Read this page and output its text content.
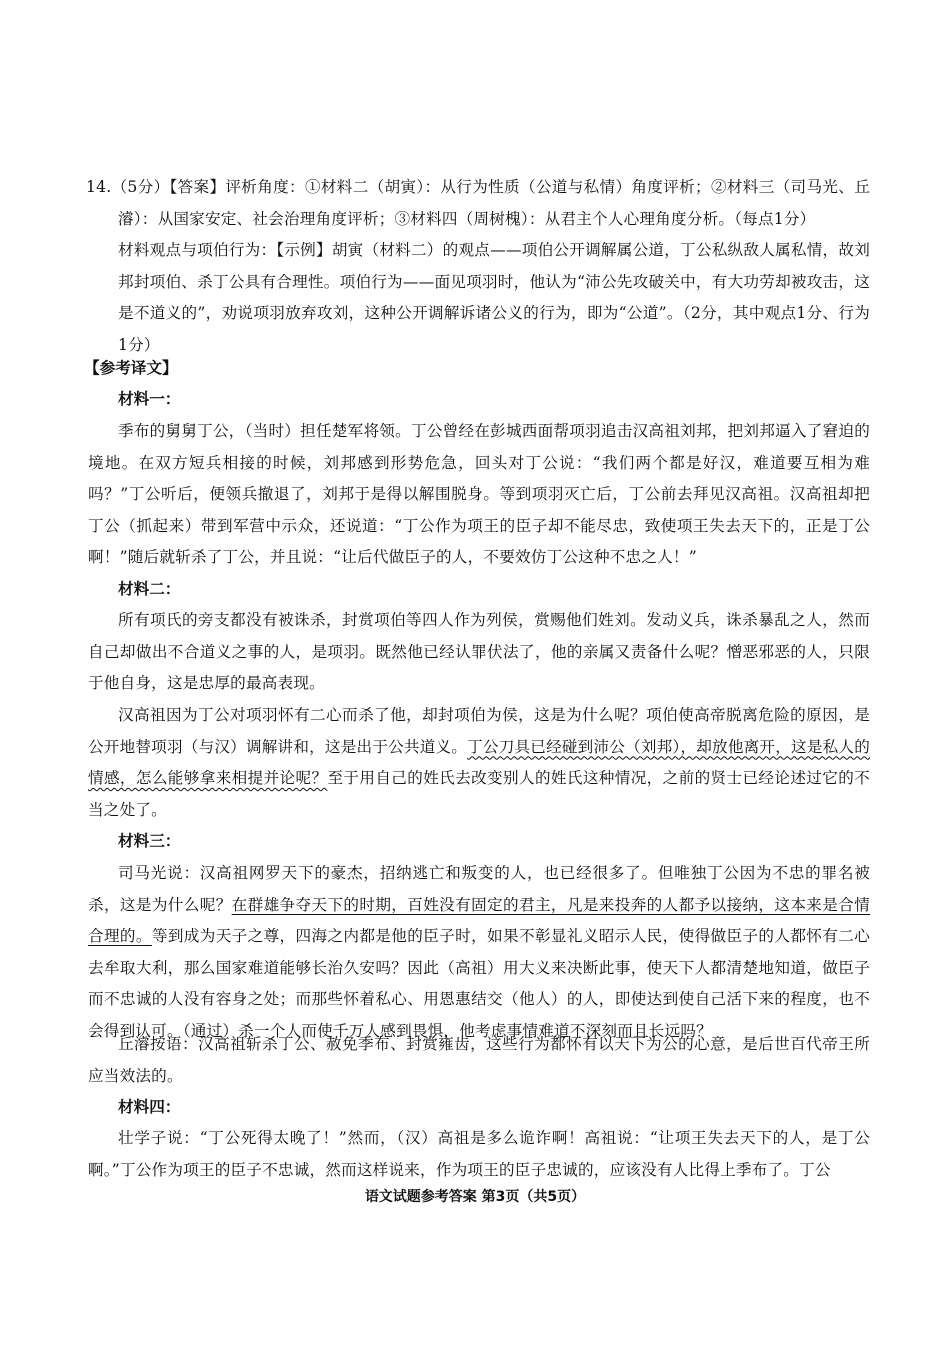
14.（5分）【答案】评析角度：①材料二（胡寅）：从行为性质（公道与私情）角度评析；②材料三（司马光、丘濬）：从国家安定、社会治理角度评析；③材料四（周树槐）：从君主个人心理角度分析。（每点1分）

材料观点与项伯行为：【示例】胡寅（材料二）的观点——项伯公开调解属公道，丁公私纵敌人属私情，故刘邦封项伯、杀丁公具有合理性。项伯行为——面见项羽时，他认为“沛公先攻破关中，有大功劳却被攻击，这是不道义的”，劝说项羽放弃攻刘，这种公开调解诉诸公义的行为，即为“公道”。（2分，其中观点1分、行为1分）

【参考译文】

材料一：

季布的舅舅丁公，（当时）担任楚军将领。丁公曾经在彭城西面帮项羽追击汉高祖刘邦，把刘邦逼入了窘迫的境地。在双方短兵相接的时候，刘邦感到形势危急，回头对丁公说：“我们两个都是好汉，难道要互相为难吗？”丁公听后，便领兵撤退了，刘邦于是得以解围脱身。等到项羽灭亡后，丁公前去拜见汉高祖。汉高祖却把丁公（抓起来）带到军营中示众，还说道：“丁公作为项王的臣子却不能尽忠，致使项王失去天下的，正是丁公啊！”随后就斩杀了丁公，并且说：“让后代做臣子的人，不要效仿丁公这种不忠之人！”

材料二：

所有项氏的旁支都没有被诛杀，封赏项伯等四人作为列侯，赏赐他们姓刘。发动义兵，诛杀暴乱之人，然而自己却做出不合道义之事的人，是项羽。既然他已经认罪伏法了，他的亲属又责备什么呢？憎恶邪恶的人，只限于他自身，这是忠厚的最高表现。

汉高祖因为丁公对项羽怀有二心而杀了他，却封项伯为侯，这是为什么呢？项伯使高帝脱离危险的原因，是公开地替项羽（与汉）调解讲和，这是出于公共道义。丁公刀具已经碰到沛公（刘邦），却放他离开，这是私人的情感，怎么能够拿来相提并论呢？至于用自己的姓氏去改变别人的姓氏这种情况，之前的贤士已经论述过它的不当之处了。

材料三：

司马光说：汉高祖网罗天下的豪杰，招纳逃亡和叛变的人，也已经很多了。但唯独丁公因为不忠的罪名被杀，这是为什么呢？在群雄争夺天下的时期，百姓没有固定的君主，凡是来投奔的人都予以接纳，这本来是合情合理的。等到成为天子之尊，四海之内都是他的臣子时，如果不彰显礼义昭示人民，使得做臣子的人都怀有二心去牟取大利，那么国家难道能够长治久安吗？因此（高祖）用大义来决断此事，使天下人都清楚地知道，做臣子而不忠诚的人没有容身之处；而那些怀着私心、用恩惠结交（他人）的人，即使达到使自己活下来的程度，也不会得到认可。（通过）杀一个人而使千万人感到畏惧，他考虑事情难道不深刻而且长远吗？

丘濬按语：汉高祖斩杀丁公、赦免季布、封赏雍齿，这些行为都怀有以天下为公的心意，是后世百代帝王所应当效法的。

材料四：

壮学子说：“丁公死得太晚了！”然而，（汉）高祖是多么诡诈啊！高祖说：“让项王失去天下的人，是丁公啊。”丁公作为项王的臣子不忠诚，然而这样说来，作为项王的臣子忠诚的，应该没有人比得上季布了。丁公

语文试题参考答案 第3页（共5页）
